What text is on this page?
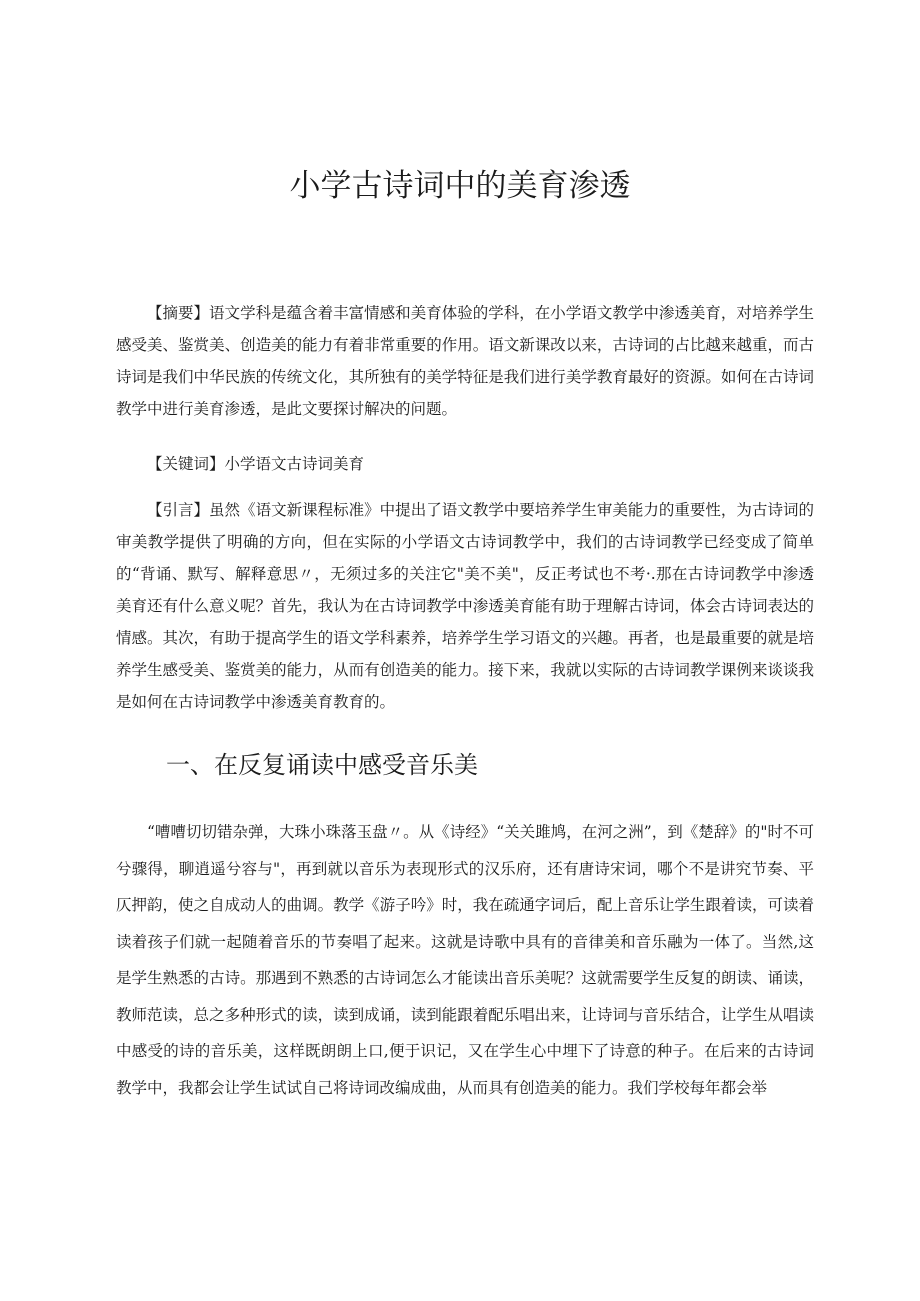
小学古诗词中的美育渗透

【摘要】语文学科是蕴含着丰富情感和美育体验的学科，在小学语文教学中渗透美育，对培养学生感受美、鉴赏美、创造美的能力有着非常重要的作用。语文新课改以来，古诗词的占比越来越重，而古诗词是我们中华民族的传统文化，其所独有的美学特征是我们进行美学教育最好的资源。如何在古诗词教学中进行美育渗透，是此文要探讨解决的问题。

【关键词】小学语文古诗词美育

【引言】虽然《语文新课程标准》中提出了语文教学中要培养学生审美能力的重要性，为古诗词的审美教学提供了明确的方向，但在实际的小学语文古诗词教学中，我们的古诗词教学已经变成了简单的“背诵、默写、解释意思〃，无须过多的关注它"美不美"，反正考试也不考·.那在古诗词教学中渗透美育还有什么意义呢？首先，我认为在古诗词教学中渗透美育能有助于理解古诗词，体会古诗词表达的情感。其次，有助于提高学生的语文学科素养，培养学生学习语文的兴趣。再者，也是最重要的就是培养学生感受美、鉴赏美的能力，从而有创造美的能力。接下来，我就以实际的古诗词教学课例来谈谈我是如何在古诗词教学中渗透美育教育的。

一、在反复诵读中感受音乐美

“嘈嘈切切错杂弹，大珠小珠落玉盘〃。从《诗经》“关关雎鸠，在河之洲”，到《楚辞》的"时不可兮骤得，聊逍遥兮容与"，再到就以音乐为表现形式的汉乐府，还有唐诗宋词，哪个不是讲究节奏、平仄押韵，使之自成动人的曲调。教学《游子吟》时，我在疏通字词后，配上音乐让学生跟着读，可读着读着孩子们就一起随着音乐的节奏唱了起来。这就是诗歌中具有的音律美和音乐融为一体了。当然,这是学生熟悉的古诗。那遇到不熟悉的古诗词怎么才能读出音乐美呢？这就需要学生反复的朗读、诵读，教师范读，总之多种形式的读，读到成诵，读到能跟着配乐唱出来，让诗词与音乐结合，让学生从唱读中感受的诗的音乐美，这样既朗朗上口,便于识记，又在学生心中埋下了诗意的种子。在后来的古诗词教学中，我都会让学生试试自己将诗词改编成曲，从而具有创造美的能力。我们学校每年都会举
